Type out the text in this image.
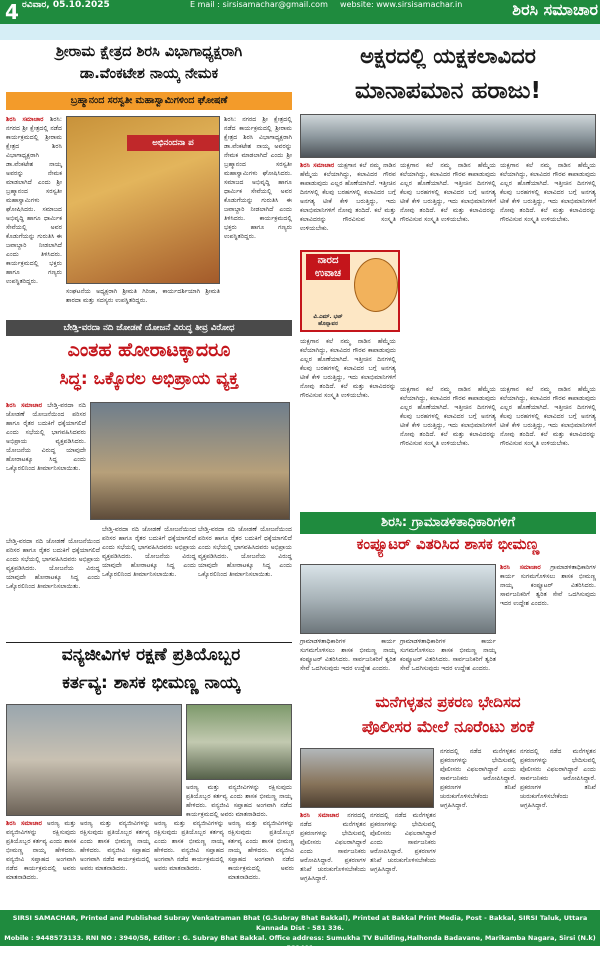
4 ರವಿವಾರ, 05.10.2025	E mail : sirsisamachar@gmail.com website: www.sirsisamachar.in	ಶಿರಸಿ ಸಮಾಚಾರ
ಶ್ರೀರಾಮ ಕ್ಷೇತ್ರದ ಶಿರಸಿ ವಿಭಾಗಾಧ್ಯಕ್ಷರಾಗಿ
ಡಾ.ವೆಂಕಟೇಶ ನಾಯ್ಕ ನೇಮಕ
ಬ್ರಹ್ಮಾನಂದ ಸರಸ್ವತೀ ಮಹಾಸ್ವಾಮಿಗಳಿಂದ ಘೋಷಣೆ
ಶಿರಸಿ ಸಮಾಚಾರ ಶಿರಸಿ: ನಗರದ ಶ್ರೀ ಕ್ಷೇತ್ರದಲ್ಲಿ ನಡೆದ ಕಾರ್ಯಕ್ರಮದಲ್ಲಿ ಶ್ರೀರಾಮ ಕ್ಷೇತ್ರದ ಶಿರಸಿ ವಿಭಾಗಾಧ್ಯಕ್ಷರಾಗಿ ಡಾ.ವೆಂಕಟೇಶ ನಾಯ್ಕ ಅವರನ್ನು ನೇಮಕ ಮಾಡಲಾಗಿದೆ ಎಂದು ಶ್ರೀ ಬ್ರಹ್ಮಾನಂದ ಸರಸ್ವತೀ ಮಹಾಸ್ವಾಮಿಗಳು ಘೋಷಿಸಿದರು. ಸಮಾಜದ ಅಭಿವೃದ್ಧಿ ಹಾಗೂ ಧಾರ್ಮಿಕ ಸೇವೆಯಲ್ಲಿ ಅವರ ಕೊಡುಗೆಯನ್ನು ಗುರುತಿಸಿ ಈ ಜವಾಬ್ದಾರಿ ನೀಡಲಾಗಿದೆ ಎಂದು ತಿಳಿಸಿದರು. ಕಾರ್ಯಕ್ರಮದಲ್ಲಿ ಭಕ್ತರು ಹಾಗೂ ಗಣ್ಯರು ಉಪಸ್ಥಿತರಿದ್ದರು.
ಅಭಿನಂದನಾ ಪ
ಸಂಘಟನೆಯ ಅಧ್ಯಕ್ಷರಾಗಿ ಶ್ರೀಮತಿ ಗಿರಿಜಾ, ಕಾರ್ಯದರ್ಶಿಯಾಗಿ ಶ್ರೀಮತಿ ಶಾರದಾ ಮತ್ತು ಸದಸ್ಯರು ಉಪಸ್ಥಿತರಿದ್ದರು.
ಶಿರಸಿ: ನಗರದ ಶ್ರೀ ಕ್ಷೇತ್ರದಲ್ಲಿ ನಡೆದ ಕಾರ್ಯಕ್ರಮದಲ್ಲಿ ಶ್ರೀರಾಮ ಕ್ಷೇತ್ರದ ಶಿರಸಿ ವಿಭಾಗಾಧ್ಯಕ್ಷರಾಗಿ ಡಾ.ವೆಂಕಟೇಶ ನಾಯ್ಕ ಅವರನ್ನು ನೇಮಕ ಮಾಡಲಾಗಿದೆ ಎಂದು ಶ್ರೀ ಬ್ರಹ್ಮಾನಂದ ಸರಸ್ವತೀ ಮಹಾಸ್ವಾಮಿಗಳು ಘೋಷಿಸಿದರು. ಸಮಾಜದ ಅಭಿವೃದ್ಧಿ ಹಾಗೂ ಧಾರ್ಮಿಕ ಸೇವೆಯಲ್ಲಿ ಅವರ ಕೊಡುಗೆಯನ್ನು ಗುರುತಿಸಿ ಈ ಜವಾಬ್ದಾರಿ ನೀಡಲಾಗಿದೆ ಎಂದು ತಿಳಿಸಿದರು. ಕಾರ್ಯಕ್ರಮದಲ್ಲಿ ಭಕ್ತರು ಹಾಗೂ ಗಣ್ಯರು ಉಪಸ್ಥಿತರಿದ್ದರು.
ಅಕ್ಷರದಲ್ಲಿ ಯಕ್ಷಕಲಾವಿದರ
ಮಾನಾಪಮಾನ ಹರಾಜು!
ಶಿರಸಿ ಸಮಾಚಾರ ಯಕ್ಷಗಾನ ಕಲೆ ನಮ್ಮ ನಾಡಿನ ಹೆಮ್ಮೆಯ ಕಲೆಯಾಗಿದ್ದು, ಕಲಾವಿದರ ಗೌರವ ಕಾಪಾಡುವುದು ಎಲ್ಲರ ಹೊಣೆಯಾಗಿದೆ. ಇತ್ತೀಚಿನ ದಿನಗಳಲ್ಲಿ ಕೆಲವು ಬರಹಗಳಲ್ಲಿ ಕಲಾವಿದರ ಬಗ್ಗೆ ಅನಗತ್ಯ ಟೀಕೆ ಕೇಳಿ ಬರುತ್ತಿದ್ದು, ಇದು ಕಲಾಭಿಮಾನಿಗಳಿಗೆ ನೋವು ತಂದಿದೆ. ಕಲೆ ಮತ್ತು ಕಲಾವಿದರನ್ನು ಗೌರವಿಸುವ ಸಂಸ್ಕೃತಿ ಉಳಿಯಬೇಕು.
ಯಕ್ಷಗಾನ ಕಲೆ ನಮ್ಮ ನಾಡಿನ ಹೆಮ್ಮೆಯ ಕಲೆಯಾಗಿದ್ದು, ಕಲಾವಿದರ ಗೌರವ ಕಾಪಾಡುವುದು ಎಲ್ಲರ ಹೊಣೆಯಾಗಿದೆ. ಇತ್ತೀಚಿನ ದಿನಗಳಲ್ಲಿ ಕೆಲವು ಬರಹಗಳಲ್ಲಿ ಕಲಾವಿದರ ಬಗ್ಗೆ ಅನಗತ್ಯ ಟೀಕೆ ಕೇಳಿ ಬರುತ್ತಿದ್ದು, ಇದು ಕಲಾಭಿಮಾನಿಗಳಿಗೆ ನೋವು ತಂದಿದೆ. ಕಲೆ ಮತ್ತು ಕಲಾವಿದರನ್ನು ಗೌರವಿಸುವ ಸಂಸ್ಕೃತಿ ಉಳಿಯಬೇಕು.
ಯಕ್ಷಗಾನ ಕಲೆ ನಮ್ಮ ನಾಡಿನ ಹೆಮ್ಮೆಯ ಕಲೆಯಾಗಿದ್ದು, ಕಲಾವಿದರ ಗೌರವ ಕಾಪಾಡುವುದು ಎಲ್ಲರ ಹೊಣೆಯಾಗಿದೆ. ಇತ್ತೀಚಿನ ದಿನಗಳಲ್ಲಿ ಕೆಲವು ಬರಹಗಳಲ್ಲಿ ಕಲಾವಿದರ ಬಗ್ಗೆ ಅನಗತ್ಯ ಟೀಕೆ ಕೇಳಿ ಬರುತ್ತಿದ್ದು, ಇದು ಕಲಾಭಿಮಾನಿಗಳಿಗೆ ನೋವು ತಂದಿದೆ. ಕಲೆ ಮತ್ತು ಕಲಾವಿದರನ್ನು ಗೌರವಿಸುವ ಸಂಸ್ಕೃತಿ ಉಳಿಯಬೇಕು.
ನಾರದ
ಉವಾಚ
ವಿ.ಎಮ್. ಭಟ್ ಹೊನ್ನಾವರ
ಬೇಡ್ತಿ-ವರದಾ ನದಿ ಜೋಡಣೆ ಯೋಜನೆ ವಿರುದ್ಧ ತೀವ್ರ ವಿರೋಧ
ಎಂತಹ ಹೋರಾಟಕ್ಕಾದರೂ
ಸಿದ್ಧ: ಒಕ್ಕೊರಲ ಅಭಿಪ್ರಾಯ ವ್ಯಕ್ತ
ಶಿರಸಿ ಸಮಾಚಾರ ಬೇಡ್ತಿ-ವರದಾ ನದಿ ಜೋಡಣೆ ಯೋಜನೆಯಿಂದ ಪರಿಸರ ಹಾಗೂ ರೈತರ ಬದುಕಿಗೆ ಧಕ್ಕೆಯಾಗಲಿದೆ ಎಂದು ಸಭೆಯಲ್ಲಿ ಭಾಗವಹಿಸಿದವರು ಅಭಿಪ್ರಾಯ ವ್ಯಕ್ತಪಡಿಸಿದರು. ಯೋಜನೆಯ ವಿರುದ್ಧ ಯಾವುದೇ ಹೋರಾಟಕ್ಕೂ ಸಿದ್ಧ ಎಂದು ಒಕ್ಕೊರಲಿನಿಂದ ತೀರ್ಮಾನಿಸಲಾಯಿತು.
ಬೇಡ್ತಿ-ವರದಾ ನದಿ ಜೋಡಣೆ ಯೋಜನೆಯಿಂದ ಪರಿಸರ ಹಾಗೂ ರೈತರ ಬದುಕಿಗೆ ಧಕ್ಕೆಯಾಗಲಿದೆ ಎಂದು ಸಭೆಯಲ್ಲಿ ಭಾಗವಹಿಸಿದವರು ಅಭಿಪ್ರಾಯ ವ್ಯಕ್ತಪಡಿಸಿದರು. ಯೋಜನೆಯ ವಿರುದ್ಧ ಯಾವುದೇ ಹೋರಾಟಕ್ಕೂ ಸಿದ್ಧ ಎಂದು ಒಕ್ಕೊರಲಿನಿಂದ ತೀರ್ಮಾನಿಸಲಾಯಿತು.
ಬೇಡ್ತಿ-ವರದಾ ನದಿ ಜೋಡಣೆ ಯೋಜನೆಯಿಂದ ಪರಿಸರ ಹಾಗೂ ರೈತರ ಬದುಕಿಗೆ ಧಕ್ಕೆಯಾಗಲಿದೆ ಎಂದು ಸಭೆಯಲ್ಲಿ ಭಾಗವಹಿಸಿದವರು ಅಭಿಪ್ರಾಯ ವ್ಯಕ್ತಪಡಿಸಿದರು. ಯೋಜನೆಯ ವಿರುದ್ಧ ಯಾವುದೇ ಹೋರಾಟಕ್ಕೂ ಸಿದ್ಧ ಎಂದು ಒಕ್ಕೊರಲಿನಿಂದ ತೀರ್ಮಾನಿಸಲಾಯಿತು.
ಬೇಡ್ತಿ-ವರದಾ ನದಿ ಜೋಡಣೆ ಯೋಜನೆಯಿಂದ ಪರಿಸರ ಹಾಗೂ ರೈತರ ಬದುಕಿಗೆ ಧಕ್ಕೆಯಾಗಲಿದೆ ಎಂದು ಸಭೆಯಲ್ಲಿ ಭಾಗವಹಿಸಿದವರು ಅಭಿಪ್ರಾಯ ವ್ಯಕ್ತಪಡಿಸಿದರು. ಯೋಜನೆಯ ವಿರುದ್ಧ ಯಾವುದೇ ಹೋರಾಟಕ್ಕೂ ಸಿದ್ಧ ಎಂದು ಒಕ್ಕೊರಲಿನಿಂದ ತೀರ್ಮಾನಿಸಲಾಯಿತು.
ಯಕ್ಷಗಾನ ಕಲೆ ನಮ್ಮ ನಾಡಿನ ಹೆಮ್ಮೆಯ ಕಲೆಯಾಗಿದ್ದು, ಕಲಾವಿದರ ಗೌರವ ಕಾಪಾಡುವುದು ಎಲ್ಲರ ಹೊಣೆಯಾಗಿದೆ. ಇತ್ತೀಚಿನ ದಿನಗಳಲ್ಲಿ ಕೆಲವು ಬರಹಗಳಲ್ಲಿ ಕಲಾವಿದರ ಬಗ್ಗೆ ಅನಗತ್ಯ ಟೀಕೆ ಕೇಳಿ ಬರುತ್ತಿದ್ದು, ಇದು ಕಲಾಭಿಮಾನಿಗಳಿಗೆ ನೋವು ತಂದಿದೆ. ಕಲೆ ಮತ್ತು ಕಲಾವಿದರನ್ನು ಗೌರವಿಸುವ ಸಂಸ್ಕೃತಿ ಉಳಿಯಬೇಕು.
ಯಕ್ಷಗಾನ ಕಲೆ ನಮ್ಮ ನಾಡಿನ ಹೆಮ್ಮೆಯ ಕಲೆಯಾಗಿದ್ದು, ಕಲಾವಿದರ ಗೌರವ ಕಾಪಾಡುವುದು ಎಲ್ಲರ ಹೊಣೆಯಾಗಿದೆ. ಇತ್ತೀಚಿನ ದಿನಗಳಲ್ಲಿ ಕೆಲವು ಬರಹಗಳಲ್ಲಿ ಕಲಾವಿದರ ಬಗ್ಗೆ ಅನಗತ್ಯ ಟೀಕೆ ಕೇಳಿ ಬರುತ್ತಿದ್ದು, ಇದು ಕಲಾಭಿಮಾನಿಗಳಿಗೆ ನೋವು ತಂದಿದೆ. ಕಲೆ ಮತ್ತು ಕಲಾವಿದರನ್ನು ಗೌರವಿಸುವ ಸಂಸ್ಕೃತಿ ಉಳಿಯಬೇಕು.
ಯಕ್ಷಗಾನ ಕಲೆ ನಮ್ಮ ನಾಡಿನ ಹೆಮ್ಮೆಯ ಕಲೆಯಾಗಿದ್ದು, ಕಲಾವಿದರ ಗೌರವ ಕಾಪಾಡುವುದು ಎಲ್ಲರ ಹೊಣೆಯಾಗಿದೆ. ಇತ್ತೀಚಿನ ದಿನಗಳಲ್ಲಿ ಕೆಲವು ಬರಹಗಳಲ್ಲಿ ಕಲಾವಿದರ ಬಗ್ಗೆ ಅನಗತ್ಯ ಟೀಕೆ ಕೇಳಿ ಬರುತ್ತಿದ್ದು, ಇದು ಕಲಾಭಿಮಾನಿಗಳಿಗೆ ನೋವು ತಂದಿದೆ. ಕಲೆ ಮತ್ತು ಕಲಾವಿದರನ್ನು ಗೌರವಿಸುವ ಸಂಸ್ಕೃತಿ ಉಳಿಯಬೇಕು.
ಶಿರಸಿ: ಗ್ರಾಮಾಡಳಿತಾಧಿಕಾರಿಗಳಿಗೆ
ಕಂಪ್ಯೂಟರ್ ವಿತರಿಸಿದ ಶಾಸಕ ಭೀಮಣ್ಣ
ಶಿರಸಿ ಸಮಾಚಾರ ಗ್ರಾಮಾಡಳಿತಾಧಿಕಾರಿಗಳ ಕಾರ್ಯ ಸುಗಮಗೊಳಿಸಲು ಶಾಸಕ ಭೀಮಣ್ಣ ನಾಯ್ಕ ಕಂಪ್ಯೂಟರ್ ವಿತರಿಸಿದರು. ಸಾರ್ವಜನಿಕರಿಗೆ ತ್ವರಿತ ಸೇವೆ ಒದಗಿಸುವುದು ಇದರ ಉದ್ದೇಶ ಎಂದರು.
ಗ್ರಾಮಾಡಳಿತಾಧಿಕಾರಿಗಳ ಕಾರ್ಯ ಸುಗಮಗೊಳಿಸಲು ಶಾಸಕ ಭೀಮಣ್ಣ ನಾಯ್ಕ ಕಂಪ್ಯೂಟರ್ ವಿತರಿಸಿದರು. ಸಾರ್ವಜನಿಕರಿಗೆ ತ್ವರಿತ ಸೇವೆ ಒದಗಿಸುವುದು ಇದರ ಉದ್ದೇಶ ಎಂದರು.
ಗ್ರಾಮಾಡಳಿತಾಧಿಕಾರಿಗಳ ಕಾರ್ಯ ಸುಗಮಗೊಳಿಸಲು ಶಾಸಕ ಭೀಮಣ್ಣ ನಾಯ್ಕ ಕಂಪ್ಯೂಟರ್ ವಿತರಿಸಿದರು. ಸಾರ್ವಜನಿಕರಿಗೆ ತ್ವರಿತ ಸೇವೆ ಒದಗಿಸುವುದು ಇದರ ಉದ್ದೇಶ ಎಂದರು.
ವನ್ಯಜೀವಿಗಳ ರಕ್ಷಣೆ ಪ್ರತಿಯೊಬ್ಬರ
ಕರ್ತವ್ಯ: ಶಾಸಕ ಭೀಮಣ್ಣ ನಾಯ್ಕ
ಅರಣ್ಯ ಮತ್ತು ವನ್ಯಜೀವಿಗಳನ್ನು ರಕ್ಷಿಸುವುದು ಪ್ರತಿಯೊಬ್ಬರ ಕರ್ತವ್ಯ ಎಂದು ಶಾಸಕ ಭೀಮಣ್ಣ ನಾಯ್ಕ ಹೇಳಿದರು. ವನ್ಯಜೀವಿ ಸಪ್ತಾಹದ ಅಂಗವಾಗಿ ನಡೆದ ಕಾರ್ಯಕ್ರಮದಲ್ಲಿ ಅವರು ಮಾತನಾಡಿದರು.
ಶಿರಸಿ ಸಮಾಚಾರ ಅರಣ್ಯ ಮತ್ತು ವನ್ಯಜೀವಿಗಳನ್ನು ರಕ್ಷಿಸುವುದು ಪ್ರತಿಯೊಬ್ಬರ ಕರ್ತವ್ಯ ಎಂದು ಶಾಸಕ ಭೀಮಣ್ಣ ನಾಯ್ಕ ಹೇಳಿದರು. ವನ್ಯಜೀವಿ ಸಪ್ತಾಹದ ಅಂಗವಾಗಿ ನಡೆದ ಕಾರ್ಯಕ್ರಮದಲ್ಲಿ ಅವರು ಮಾತನಾಡಿದರು.
ಅರಣ್ಯ ಮತ್ತು ವನ್ಯಜೀವಿಗಳನ್ನು ರಕ್ಷಿಸುವುದು ಪ್ರತಿಯೊಬ್ಬರ ಕರ್ತವ್ಯ ಎಂದು ಶಾಸಕ ಭೀಮಣ್ಣ ನಾಯ್ಕ ಹೇಳಿದರು. ವನ್ಯಜೀವಿ ಸಪ್ತಾಹದ ಅಂಗವಾಗಿ ನಡೆದ ಕಾರ್ಯಕ್ರಮದಲ್ಲಿ ಅವರು ಮಾತನಾಡಿದರು.
ಅರಣ್ಯ ಮತ್ತು ವನ್ಯಜೀವಿಗಳನ್ನು ರಕ್ಷಿಸುವುದು ಪ್ರತಿಯೊಬ್ಬರ ಕರ್ತವ್ಯ ಎಂದು ಶಾಸಕ ಭೀಮಣ್ಣ ನಾಯ್ಕ ಹೇಳಿದರು. ವನ್ಯಜೀವಿ ಸಪ್ತಾಹದ ಅಂಗವಾಗಿ ನಡೆದ ಕಾರ್ಯಕ್ರಮದಲ್ಲಿ ಅವರು ಮಾತನಾಡಿದರು.
ಅರಣ್ಯ ಮತ್ತು ವನ್ಯಜೀವಿಗಳನ್ನು ರಕ್ಷಿಸುವುದು ಪ್ರತಿಯೊಬ್ಬರ ಕರ್ತವ್ಯ ಎಂದು ಶಾಸಕ ಭೀಮಣ್ಣ ನಾಯ್ಕ ಹೇಳಿದರು. ವನ್ಯಜೀವಿ ಸಪ್ತಾಹದ ಅಂಗವಾಗಿ ನಡೆದ ಕಾರ್ಯಕ್ರಮದಲ್ಲಿ ಅವರು ಮಾತನಾಡಿದರು.
ಮನೆಗಳ್ಳತನ ಪ್ರಕರಣ ಭೇದಿಸದ
ಪೊಲೀಸರ ಮೇಲೆ ನೂರೆಂಟು ಶಂಕೆ
ಶಿರಸಿ ಸಮಾಚಾರ ನಗರದಲ್ಲಿ ನಡೆದ ಮನೆಗಳ್ಳತನ ಪ್ರಕರಣಗಳನ್ನು ಭೇದಿಸುವಲ್ಲಿ ಪೊಲೀಸರು ವಿಫಲರಾಗಿದ್ದಾರೆ ಎಂದು ಸಾರ್ವಜನಿಕರು ಆರೋಪಿಸಿದ್ದಾರೆ. ಪ್ರಕರಣಗಳ ತನಿಖೆ ಚುರುಕುಗೊಳಿಸಬೇಕೆಂದು ಆಗ್ರಹಿಸಿದ್ದಾರೆ.
ನಗರದಲ್ಲಿ ನಡೆದ ಮನೆಗಳ್ಳತನ ಪ್ರಕರಣಗಳನ್ನು ಭೇದಿಸುವಲ್ಲಿ ಪೊಲೀಸರು ವಿಫಲರಾಗಿದ್ದಾರೆ ಎಂದು ಸಾರ್ವಜನಿಕರು ಆರೋಪಿಸಿದ್ದಾರೆ. ಪ್ರಕರಣಗಳ ತನಿಖೆ ಚುರುಕುಗೊಳಿಸಬೇಕೆಂದು ಆಗ್ರಹಿಸಿದ್ದಾರೆ.
ನಗರದಲ್ಲಿ ನಡೆದ ಮನೆಗಳ್ಳತನ ಪ್ರಕರಣಗಳನ್ನು ಭೇದಿಸುವಲ್ಲಿ ಪೊಲೀಸರು ವಿಫಲರಾಗಿದ್ದಾರೆ ಎಂದು ಸಾರ್ವಜನಿಕರು ಆರೋಪಿಸಿದ್ದಾರೆ. ಪ್ರಕರಣಗಳ ತನಿಖೆ ಚುರುಕುಗೊಳಿಸಬೇಕೆಂದು ಆಗ್ರಹಿಸಿದ್ದಾರೆ.
ನಗರದಲ್ಲಿ ನಡೆದ ಮನೆಗಳ್ಳತನ ಪ್ರಕರಣಗಳನ್ನು ಭೇದಿಸುವಲ್ಲಿ ಪೊಲೀಸರು ವಿಫಲರಾಗಿದ್ದಾರೆ ಎಂದು ಸಾರ್ವಜನಿಕರು ಆರೋಪಿಸಿದ್ದಾರೆ. ಪ್ರಕರಣಗಳ ತನಿಖೆ ಚುರುಕುಗೊಳಿಸಬೇಕೆಂದು ಆಗ್ರಹಿಸಿದ್ದಾರೆ.
SIRSI SAMACHAR, Printed and Published Subray Venkatraman Bhat (G.Subray Bhat Bakkal), Printed at Bakkal Print Media, Post - Bakkal, SIRSI Taluk, Uttara Kannada Dist - 581 336.
Mobile : 9448573133. RNI NO : 3940/58, Editor : G. Subray Bhat Bakkal. Office address: Sumukha TV Building,Halhonda Badavane, Marikamba Nagara, Sirsi (N.k) 581401
